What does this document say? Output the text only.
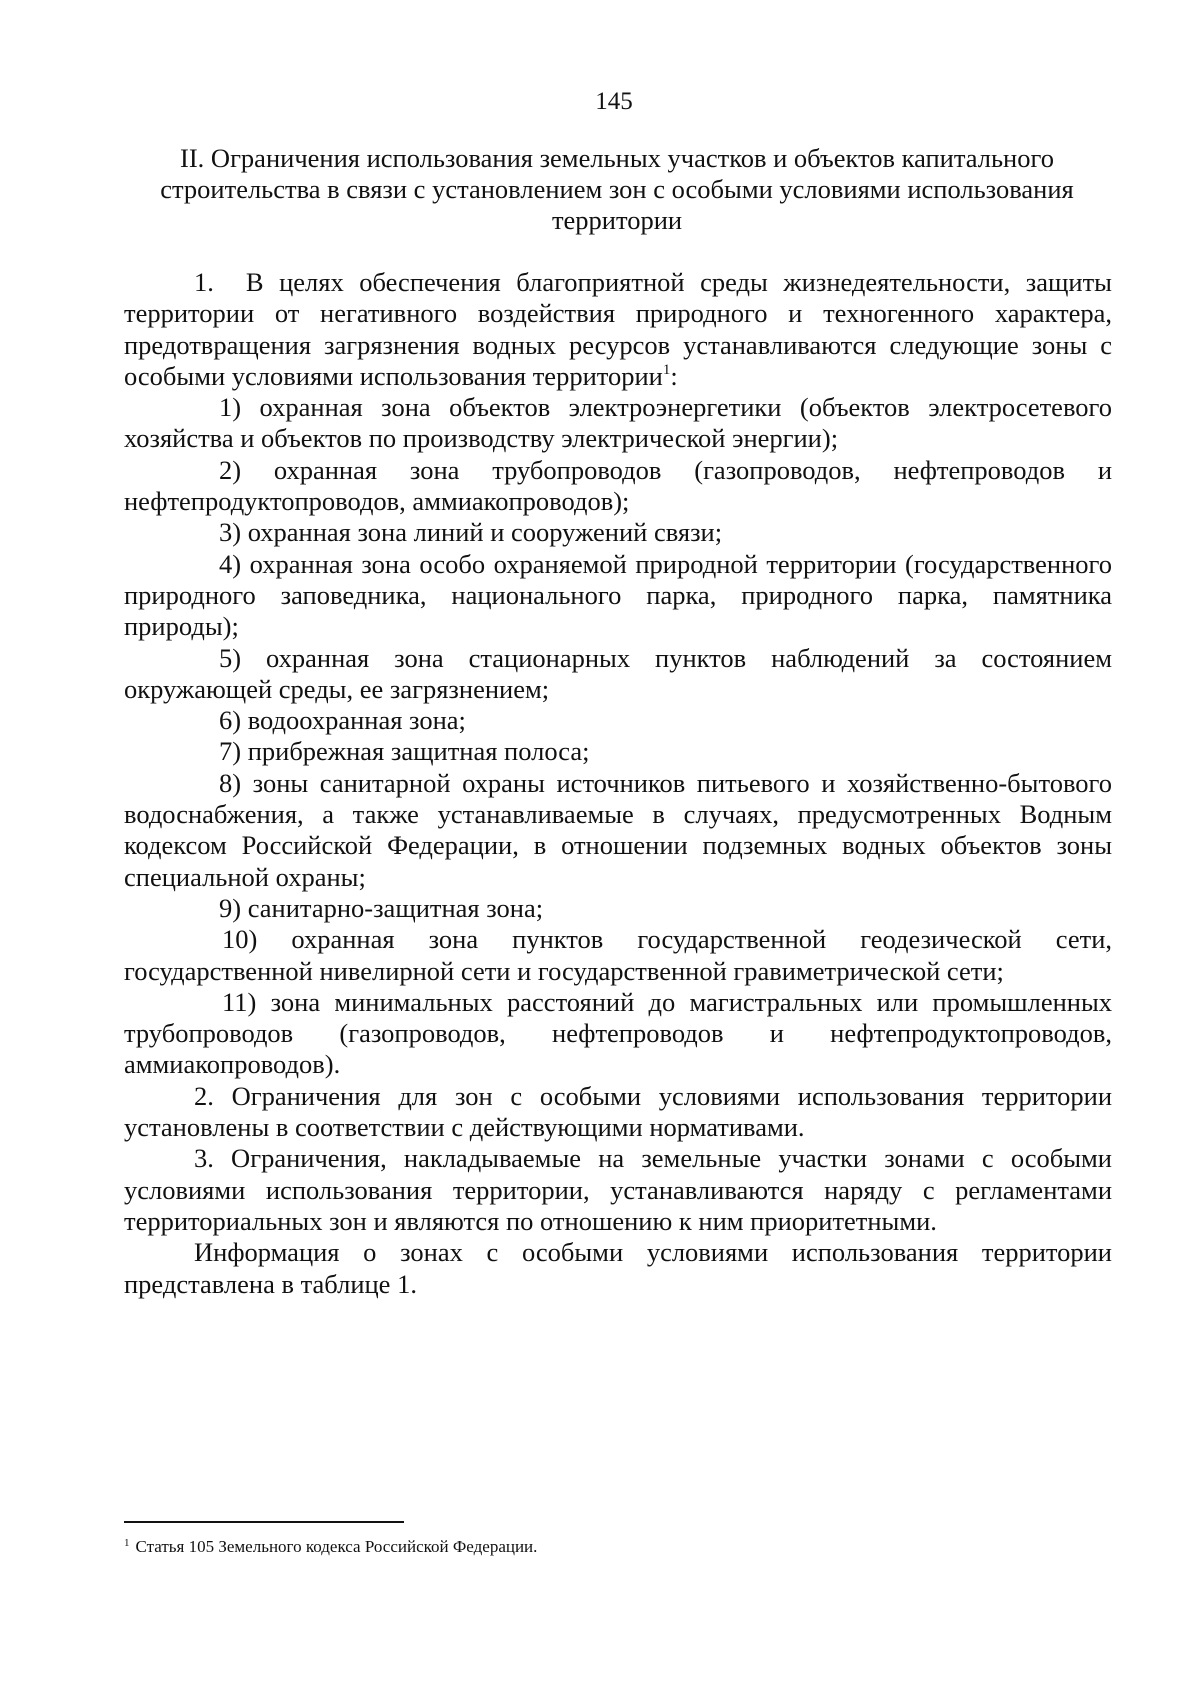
145
II. Ограничения использования земельных участков и объектов капитального
строительства в связи с установлением зон с особыми условиями использования
территории

1. В целях обеспечения благоприятной среды жизнедеятельности, защиты территории от негативного воздействия природного и техногенного характера, предотвращения загрязнения водных ресурсов устанавливаются следующие зоны с особыми условиями использования территории$^1$:

1) охранная зона объектов электроэнергетики (объектов электросетевого хозяйства и объектов по производству электрической энергии);

2) охранная зона трубопроводов (газопроводов, нефтепроводов и нефтепродуктопроводов, аммиакопроводов);

3) охранная зона линий и сооружений связи;

4) охранная зона особо охраняемой природной территории (государственного природного заповедника, национального парка, природного парка, памятника природы);

5) охранная зона стационарных пунктов наблюдений за состоянием окружающей среды, ее загрязнением;

6) водоохранная зона;

7) прибрежная защитная полоса;

8) зоны санитарной охраны источников питьевого и хозяйственно-бытового водоснабжения, а также устанавливаемые в случаях, предусмотренных Водным кодексом Российской Федерации, в отношении подземных водных объектов зоны специальной охраны;

9) санитарно-защитная зона;

10) охранная зона пунктов государственной геодезической сети, государственной нивелирной сети и государственной гравиметрической сети;

11) зона минимальных расстояний до магистральных или промышленных трубопроводов (газопроводов, нефтепроводов и нефтепродуктопроводов, аммиакопроводов).

2. Ограничения для зон с особыми условиями использования территории установлены в соответствии с действующими нормативами.

3. Ограничения, накладываемые на земельные участки зонами с особыми условиями использования территории, устанавливаются наряду с регламентами территориальных зон и являются по отношению к ним приоритетными.

Информация о зонах с особыми условиями использования территории представлена в таблице 1.

$^1$ Статья 105 Земельного кодекса Российской Федерации.
